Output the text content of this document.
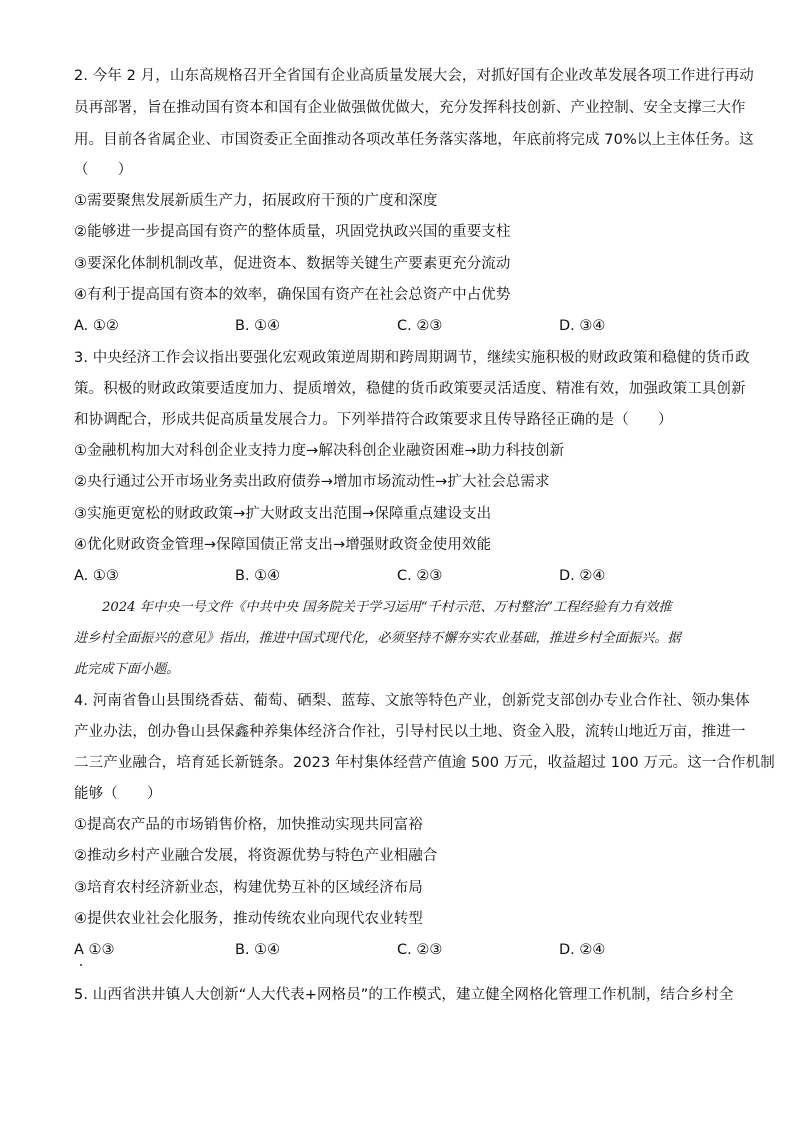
2. 今年 2 月，山东高规格召开全省国有企业高质量发展大会，对抓好国有企业改革发展各项工作进行再动
员再部署，旨在推动国有资本和国有企业做强做优做大，充分发挥科技创新、产业控制、安全支撑三大作
用。目前各省属企业、市国资委正全面推动各项改革任务落实落地，年底前将完成 70%以上主体任务。这
（　　）
①需要聚焦发展新质生产力，拓展政府干预的广度和深度
②能够进一步提高国有资产的整体质量，巩固党执政兴国的重要支柱
③要深化体制机制改革，促进资本、数据等关键生产要素更充分流动
④有利于提高国有资本的效率，确保国有资产在社会总资产中占优势
A. ①②	B. ①④	C. ②③	D. ③④
3. 中央经济工作会议指出要强化宏观政策逆周期和跨周期调节，继续实施积极的财政政策和稳健的货币政
策。积极的财政政策要适度加力、提质增效，稳健的货币政策要灵活适度、精准有效，加强政策工具创新
和协调配合，形成共促高质量发展合力。下列举措符合政策要求且传导路径正确的是（　　）
①金融机构加大对科创企业支持力度→解决科创企业融资困难→助力科技创新
②央行通过公开市场业务卖出政府债券→增加市场流动性→扩大社会总需求
③实施更宽松的财政政策→扩大财政支出范围→保障重点建设支出
④优化财政资金管理→保障国债正常支出→增强财政资金使用效能
A. ①③	B. ①④	C. ②③	D. ②④
2024 年中央一号文件《中共中央 国务院关于学习运用“千村示范、万村整治”工程经验有力有效推
进乡村全面振兴的意见》指出，推进中国式现代化，必须坚持不懈夯实农业基础，推进乡村全面振兴。据
此完成下面小题。
4. 河南省鲁山县围绕香菇、葡萄、硒梨、蓝莓、文旅等特色产业，创新党支部创办专业合作社、领办集体
产业办法，创办鲁山县保鑫种养集体经济合作社，引导村民以土地、资金入股，流转山地近万亩，推进一
二三产业融合，培育延长新链条。2023 年村集体经营产值逾 500 万元，收益超过 100 万元。这一合作机制
能够（　　）
①提高农产品的市场销售价格，加快推动实现共同富裕
②推动乡村产业融合发展，将资源优势与特色产业相融合
③培育农村经济新业态，构建优势互补的区域经济布局
④提供农业社会化服务，推动传统农业向现代农业转型
A ①③	B. ①④	C. ②③	D. ②④
5. 山西省洪井镇人大创新“人大代表+网格员”的工作模式，建立健全网格化管理工作机制，结合乡村全
